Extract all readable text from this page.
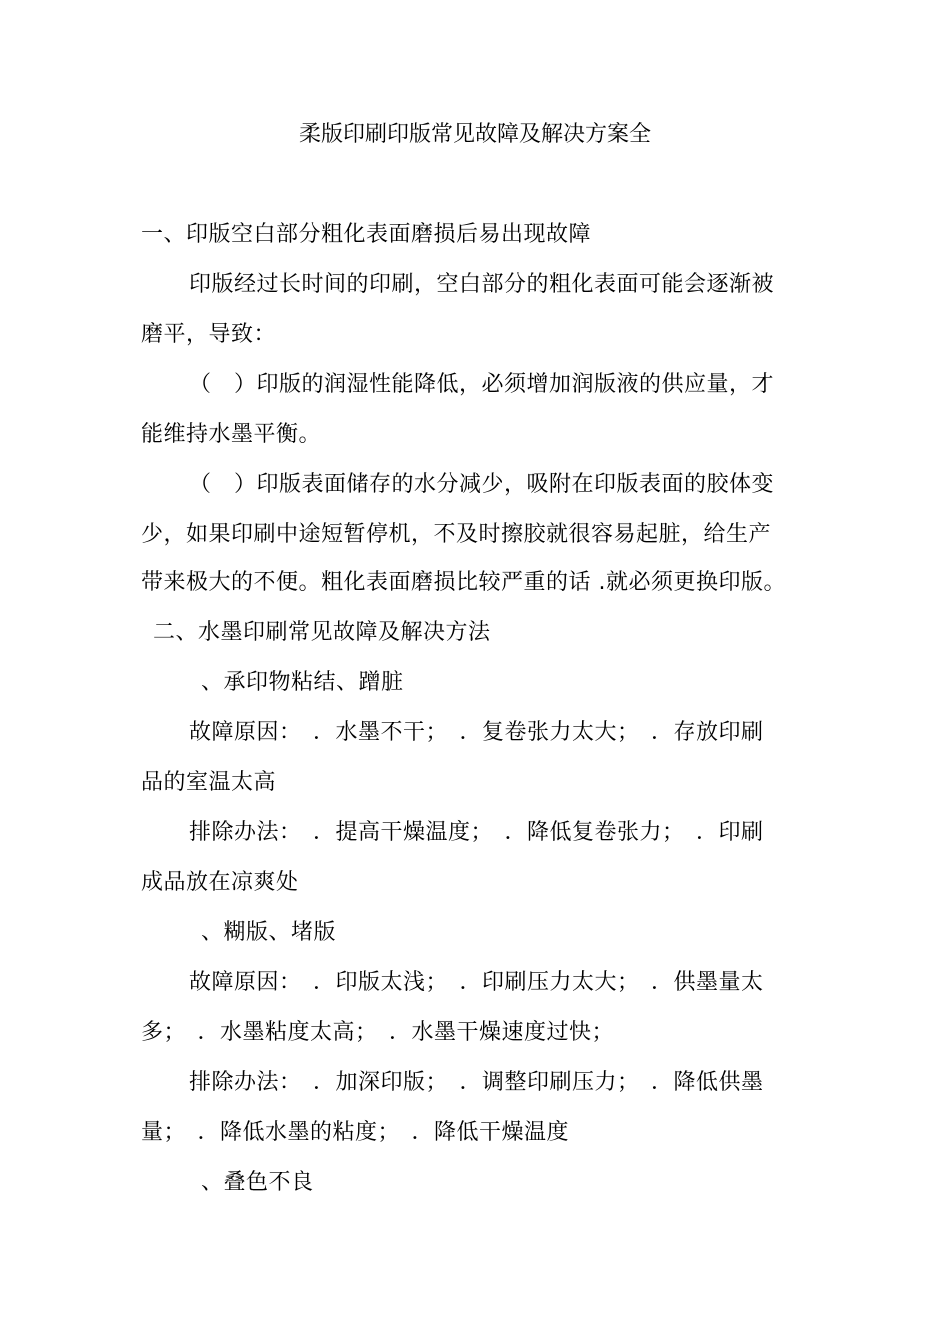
柔版印刷印版常见故障及解决方案全
一、印版空白部分粗化表面磨损后易出现故障
印版经过长时间的印刷，空白部分的粗化表面可能会逐渐被
磨平，导致：
（　）印版的润湿性能降低，必须增加润版液的供应量，才
能维持水墨平衡。
（　）印版表面储存的水分减少，吸附在印版表面的胶体变
少，如果印刷中途短暂停机，不及时擦胶就很容易起脏，给生产
带来极大的不便。粗化表面磨损比较严重的话 .就必须更换印版。
二、水墨印刷常见故障及解决方法
、承印物粘结、蹭脏
故障原因：　．水墨不干；　．复卷张力太大；　．存放印刷
品的室温太高
排除办法：　．提高干燥温度；　．降低复卷张力；　．印刷
成品放在凉爽处
、糊版、堵版
故障原因：　．印版太浅；　．印刷压力太大；　．供墨量太
多；　．水墨粘度太高；　．水墨干燥速度过快；
排除办法：　．加深印版；　．调整印刷压力；　．降低供墨
量；　．降低水墨的粘度；　．降低干燥温度
、叠色不良
